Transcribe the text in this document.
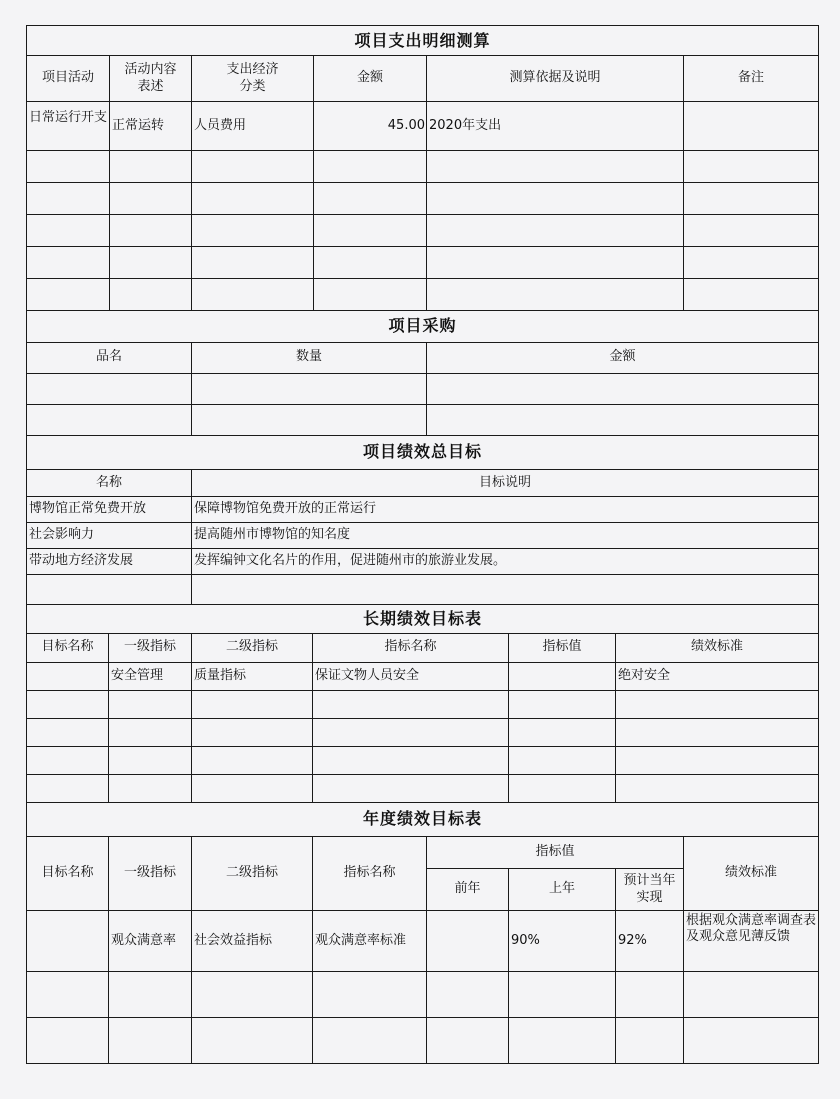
项目支出明细测算					
项目活动	活动内容表述	支出经济分类	金额	测算依据及说明	备注
日常运行开支	正常运转	人员费用	45.00	2020年支出	

项目采购		
品名	数量	金额

项目绩效总目标	
名称	目标说明
博物馆正常免费开放	保障博物馆免费开放的正常运行
社会影响力	提高随州市博物馆的知名度
带动地方经济发展	发挥编钟文化名片的作用，促进随州市的旅游业发展。

长期绩效目标表					
目标名称	一级指标	二级指标	指标名称	指标值	绩效标准
	安全管理	质量指标	保证文物人员安全		绝对安全

年度绩效目标表							
目标名称	一级指标	二级指标	指标名称	指标值			绩效标准
				前年	上年	预计当年实现	
	观众满意率	社会效益指标	观众满意率标准		90%	92%	根据观众满意率调查表及观众意见薄反馈
